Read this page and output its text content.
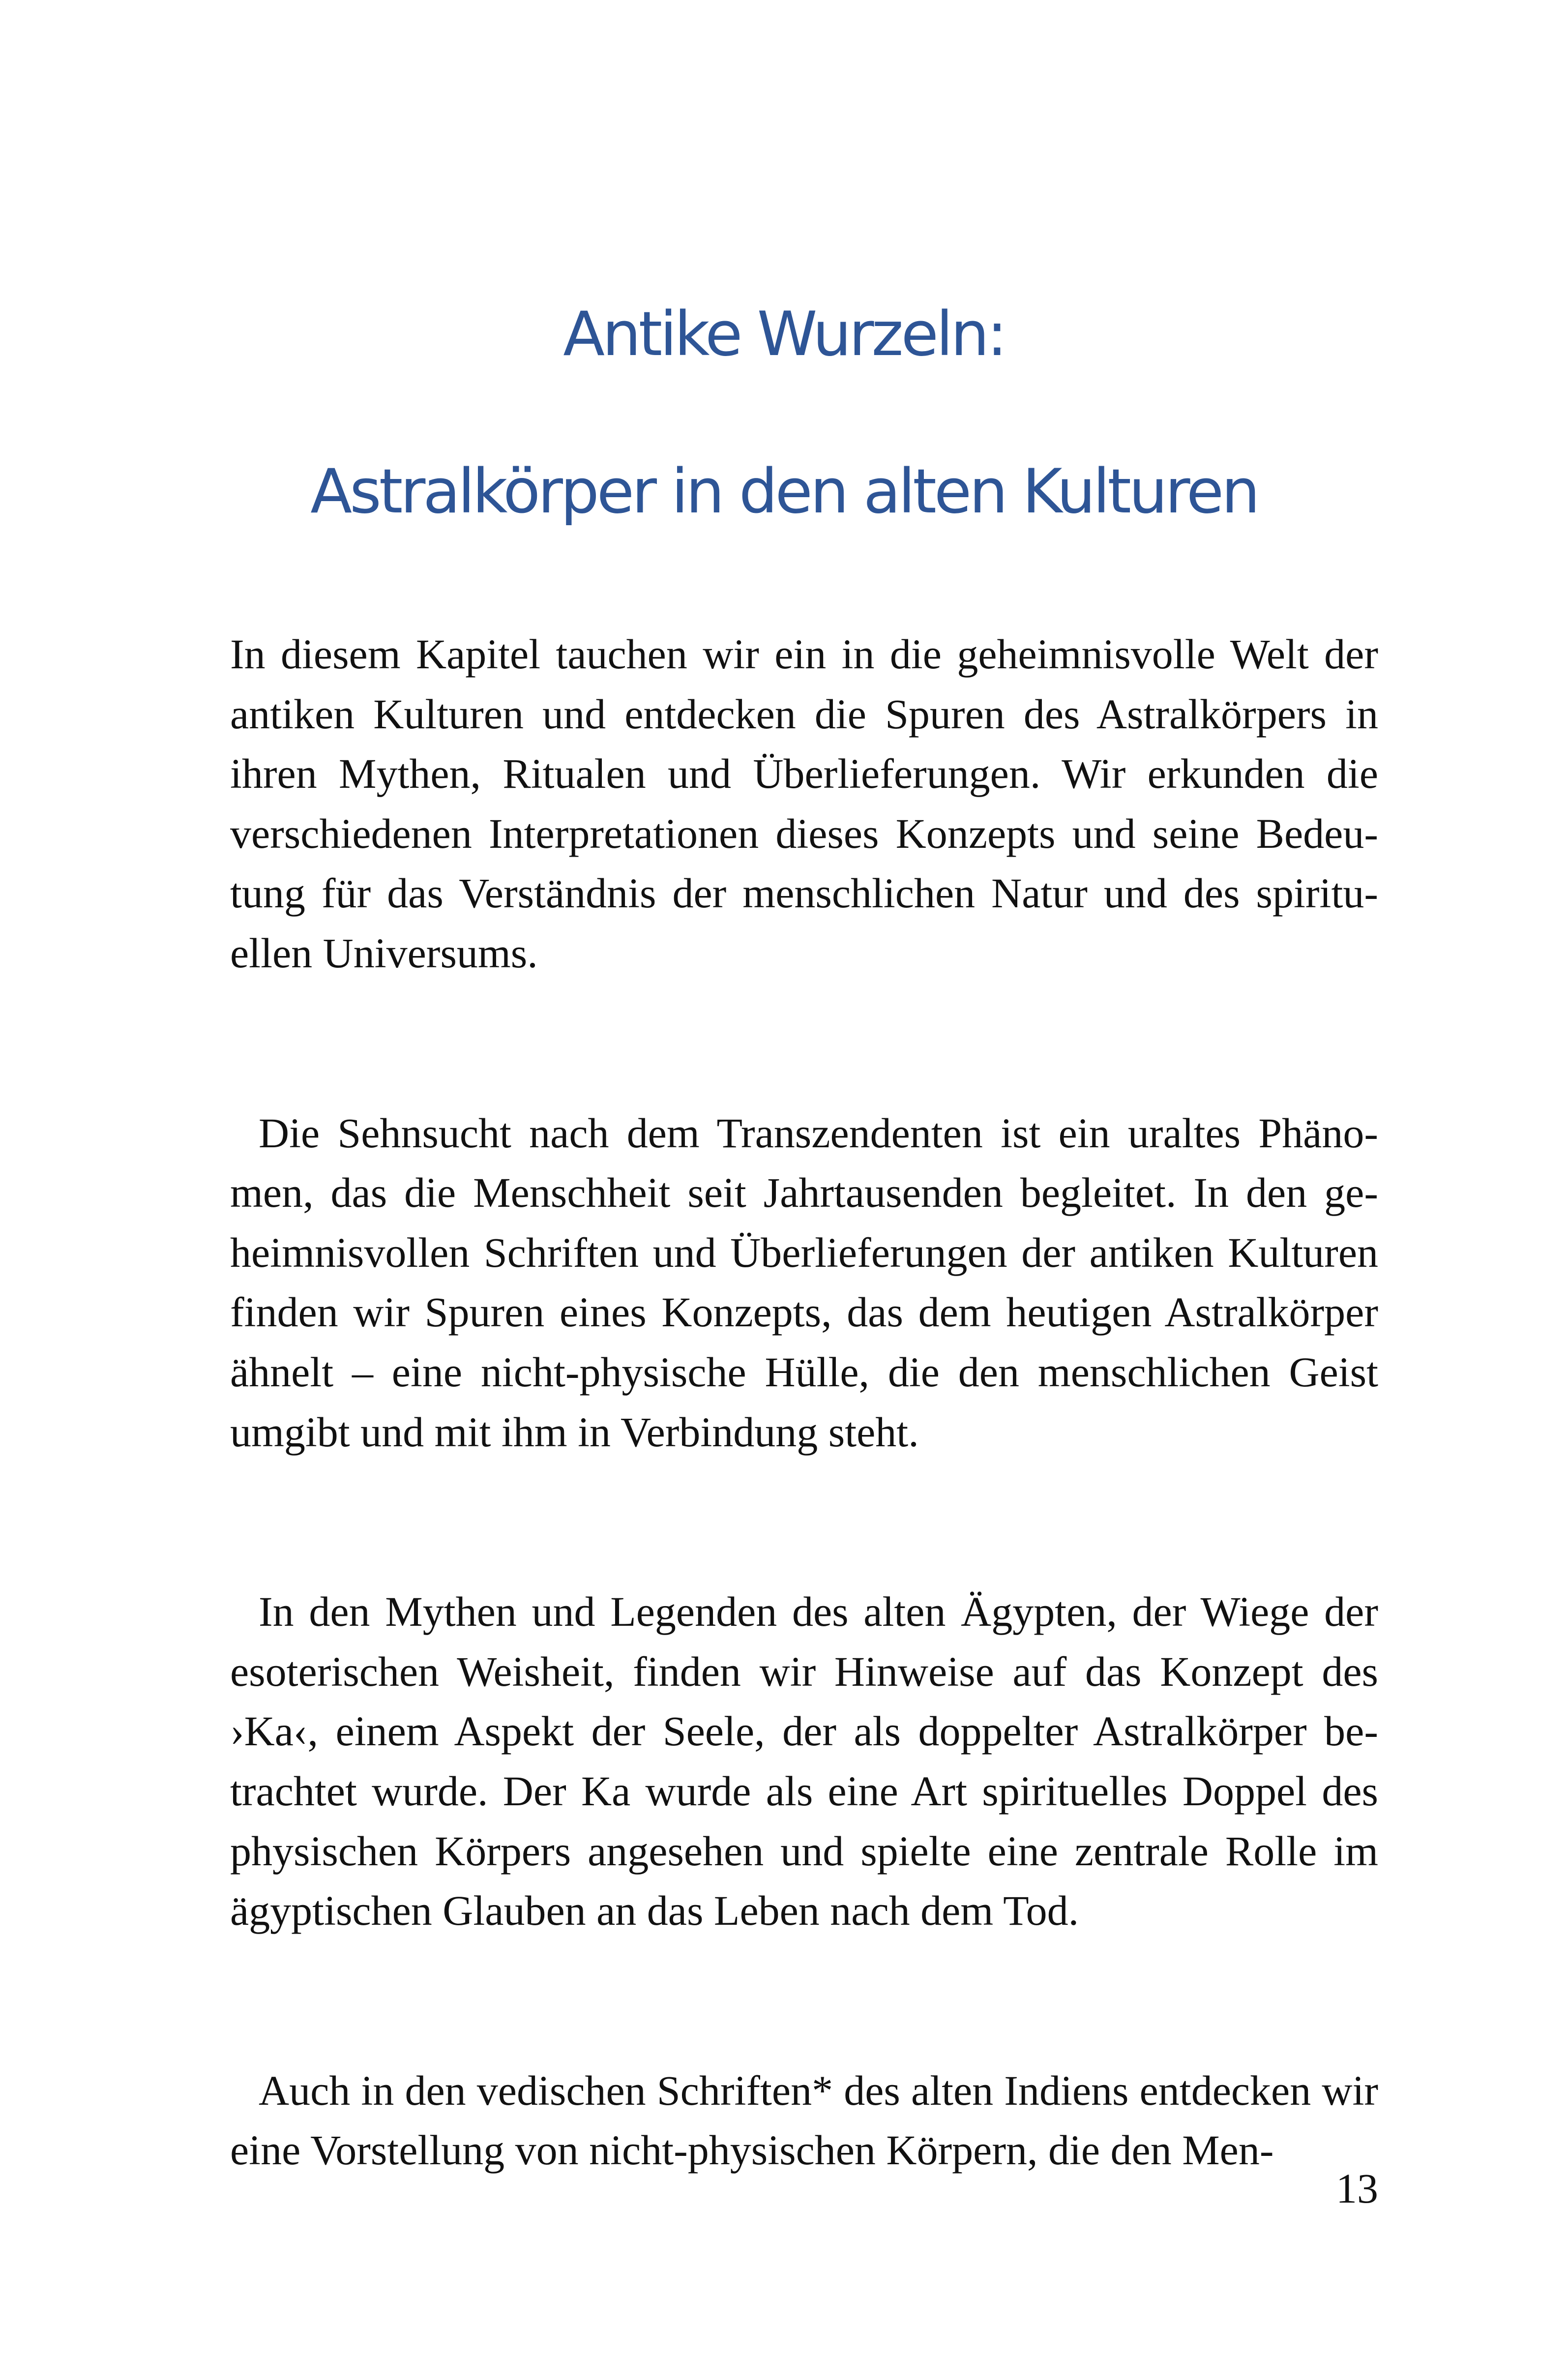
Antike Wurzeln:
Astralkörper in den alten Kulturen

In diesem Kapitel tauchen wir ein in die geheimnisvolle Welt der antiken Kulturen und entdecken die Spuren des Astralkörpers in ihren Mythen, Ritualen und Überlieferungen. Wir erkunden die verschiedenen Interpretationen dieses Konzepts und seine Bedeutung für das Verständnis der menschlichen Natur und des spirituellen Universums.

Die Sehnsucht nach dem Transzendenten ist ein uraltes Phänomen, das die Menschheit seit Jahrtausenden begleitet. In den geheimnisvollen Schriften und Überlieferungen der antiken Kulturen finden wir Spuren eines Konzepts, das dem heutigen Astralkörper ähnelt – eine nicht-physische Hülle, die den menschlichen Geist umgibt und mit ihm in Verbindung steht.

In den Mythen und Legenden des alten Ägypten, der Wiege der esoterischen Weisheit, finden wir Hinweise auf das Konzept des ›Ka‹, einem Aspekt der Seele, der als doppelter Astralkörper betrachtet wurde. Der Ka wurde als eine Art spirituelles Doppel des physischen Körpers angesehen und spielte eine zentrale Rolle im ägyptischen Glauben an das Leben nach dem Tod.

Auch in den vedischen Schriften* des alten Indiens entdecken wir eine Vorstellung von nicht-physischen Körpern, die den Men-

13
